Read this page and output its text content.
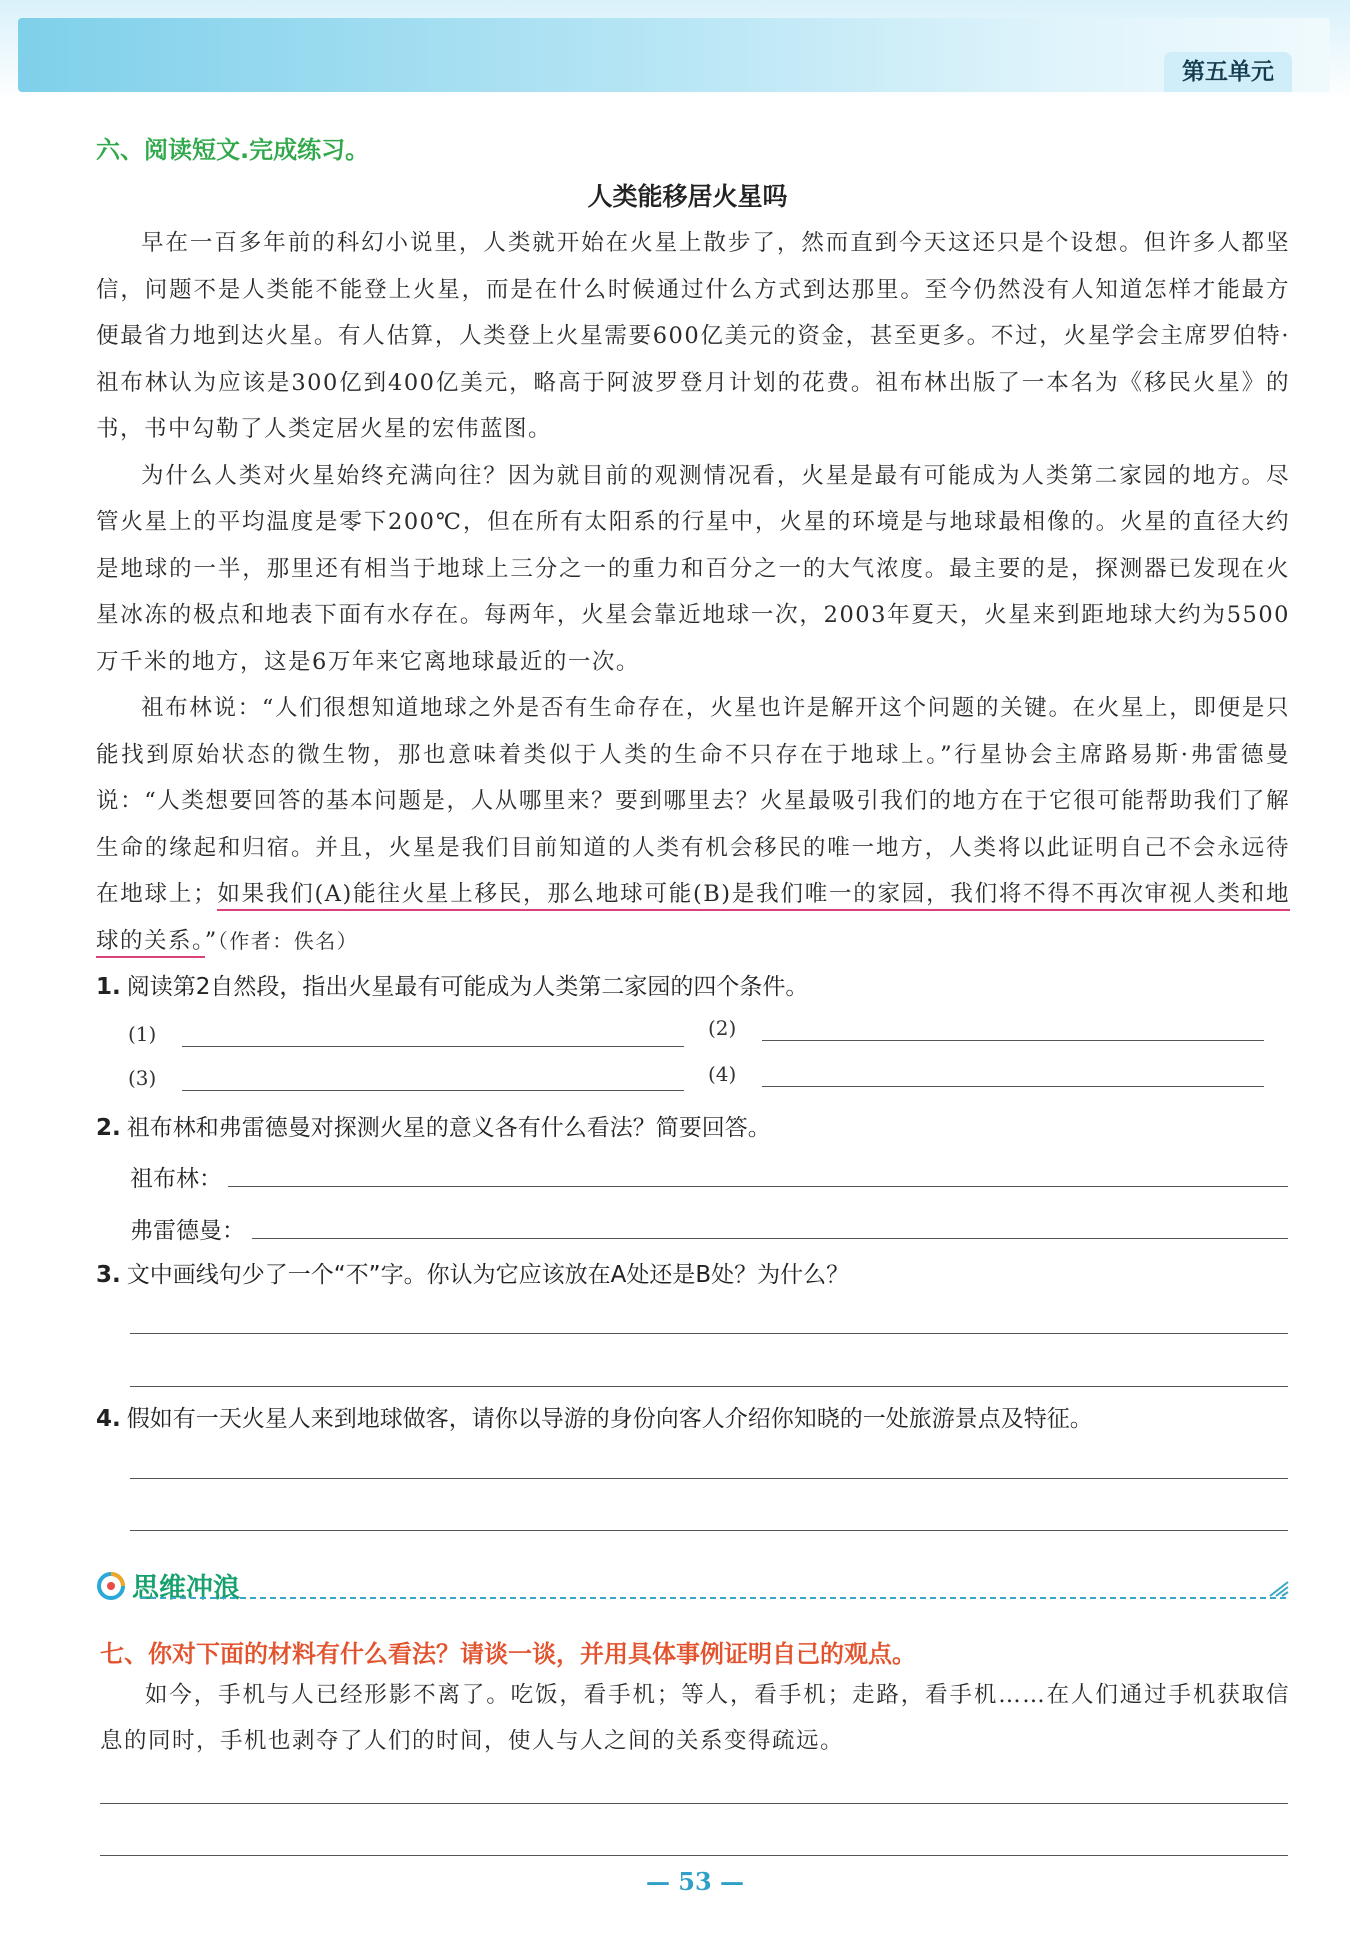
第五单元
六、阅读短文.完成练习。
人类能移居火星吗

早在一百多年前的科幻小说里，人类就开始在火星上散步了，然而直到今天这还只是个设想。但许多人都坚信，问题不是人类能不能登上火星，而是在什么时候通过什么方式到达那里。至今仍然没有人知道怎样才能最方便最省力地到达火星。有人估算，人类登上火星需要600亿美元的资金，甚至更多。不过，火星学会主席罗伯特·祖布林认为应该是300亿到400亿美元，略高于阿波罗登月计划的花费。祖布林出版了一本名为《移民火星》的书，书中勾勒了人类定居火星的宏伟蓝图。

为什么人类对火星始终充满向往？因为就目前的观测情况看，火星是最有可能成为人类第二家园的地方。尽管火星上的平均温度是零下200℃，但在所有太阳系的行星中，火星的环境是与地球最相像的。火星的直径大约是地球的一半，那里还有相当于地球上三分之一的重力和百分之一的大气浓度。最主要的是，探测器已发现在火星冰冻的极点和地表下面有水存在。每两年，火星会靠近地球一次，2003年夏天，火星来到距地球大约为5500万千米的地方，这是6万年来它离地球最近的一次。

祖布林说：“人们很想知道地球之外是否有生命存在，火星也许是解开这个问题的关键。在火星上，即便是只能找到原始状态的微生物，那也意味着类似于人类的生命不只存在于地球上。”行星协会主席路易斯·弗雷德曼说：“人类想要回答的基本问题是，人从哪里来？要到哪里去？火星最吸引我们的地方在于它很可能帮助我们了解生命的缘起和归宿。并且，火星是我们目前知道的人类有机会移民的唯一地方，人类将以此证明自己不会永远待在地球上；如果我们(A)能往火星上移民，那么地球可能(B)是我们唯一的家园，我们将不得不再次审视人类和地球的关系。”（作者：佚名）

1. 阅读第2自然段，指出火星最有可能成为人类第二家园的四个条件。
(1)	(2)
(3)	(4)
2. 祖布林和弗雷德曼对探测火星的意义各有什么看法？简要回答。
祖布林：
弗雷德曼：
3. 文中画线句少了一个“不”字。你认为它应该放在A处还是B处？为什么？
4. 假如有一天火星人来到地球做客，请你以导游的身份向客人介绍你知晓的一处旅游景点及特征。
思维冲浪
七、你对下面的材料有什么看法？请谈一谈，并用具体事例证明自己的观点。

如今，手机与人已经形影不离了。吃饭，看手机；等人，看手机；走路，看手机……在人们通过手机获取信息的同时，手机也剥夺了人们的时间，使人与人之间的关系变得疏远。

— 53 —
